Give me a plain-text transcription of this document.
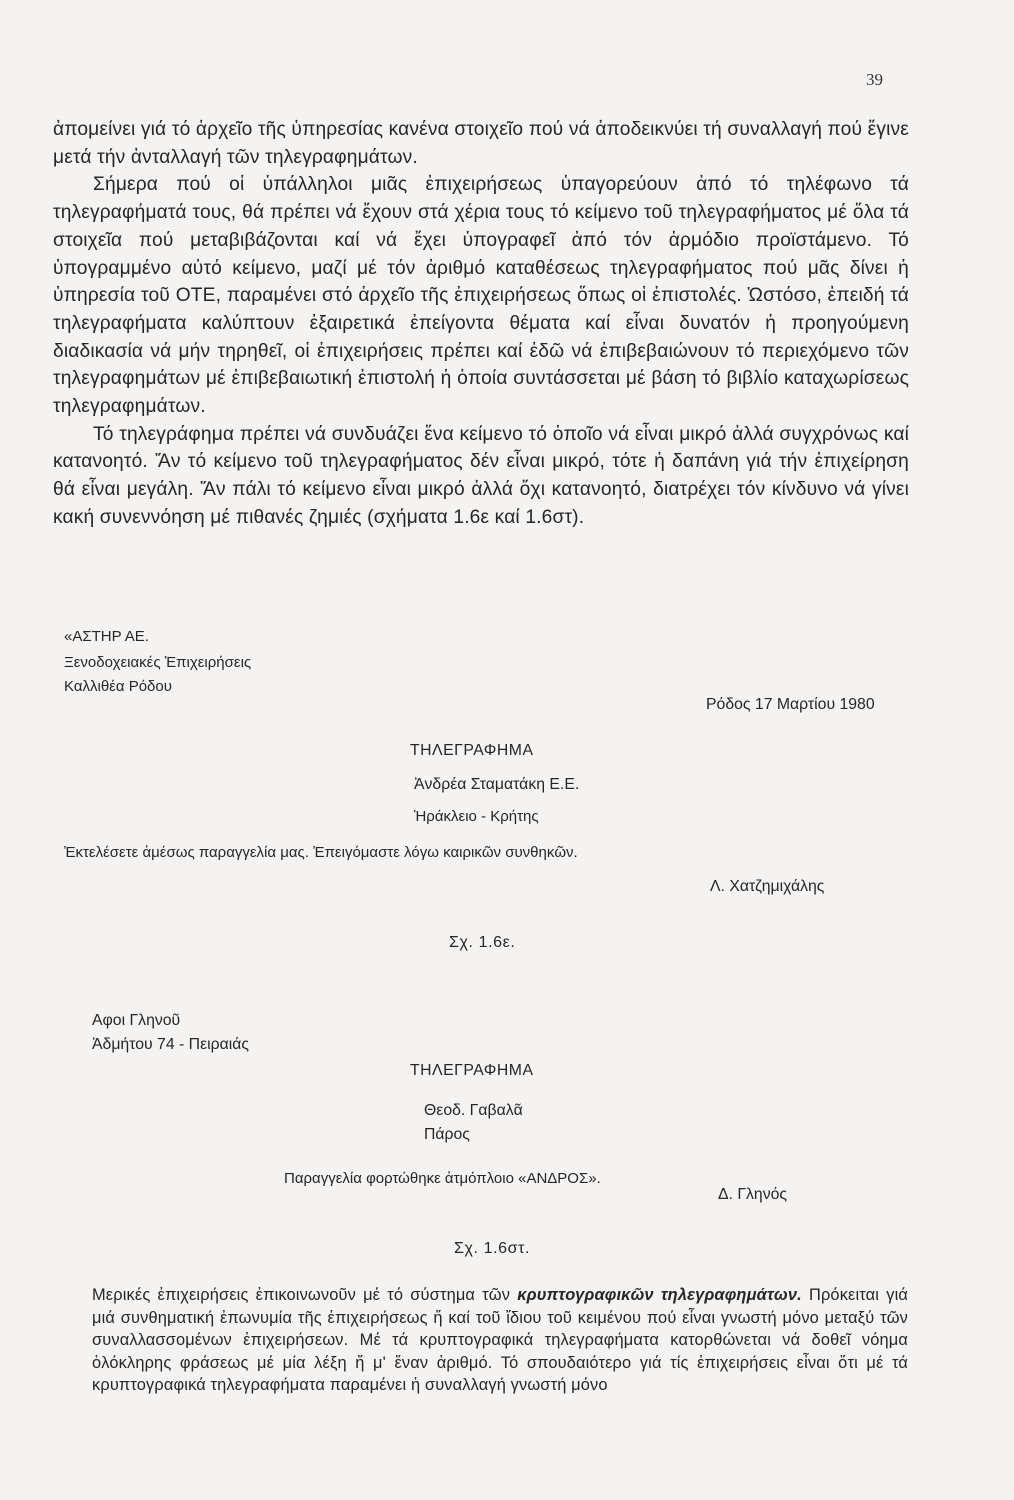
39

ἀπομείνει γιά τό ἀρχεῖο τῆς ὑπηρεσίας κανένα στοιχεῖο πού νά ἀποδεικνύει τή συναλλαγή πού ἔγινε μετά τήν ἀνταλλαγή τῶν τηλεγραφημάτων.

Σήμερα πού οἱ ὑπάλληλοι μιᾶς ἐπιχειρήσεως ὑπαγορεύουν ἀπό τό τηλέφωνο τά τηλεγραφήματά τους, θά πρέπει νά ἔχουν στά χέρια τους τό κείμενο τοῦ τηλεγραφήματος μέ ὅλα τά στοιχεῖα πού μεταβιβάζονται καί νά ἔχει ὑπογραφεῖ ἀπό τόν ἁρμόδιο προϊστάμενο. Τό ὑπογραμμένο αὐτό κείμενο, μαζί μέ τόν ἀριθμό καταθέσεως τηλεγραφήματος πού μᾶς δίνει ἡ ὑπηρεσία τοῦ ΟΤΕ, παραμένει στό ἀρχεῖο τῆς ἐπιχειρήσεως ὅπως οἱ ἐπιστολές. Ὡστόσο, ἐπειδή τά τηλεγραφήματα καλύπτουν ἐξαιρετικά ἐπείγοντα θέματα καί εἶναι δυνατόν ἡ προηγούμενη διαδικασία νά μήν τηρηθεῖ, οἱ ἐπιχειρήσεις πρέπει καί ἐδῶ νά ἐπιβεβαιώνουν τό περιεχόμενο τῶν τηλεγραφημάτων μέ ἐπιβεβαιωτική ἐπιστολή ἡ ὁποία συντάσσεται μέ βάση τό βιβλίο καταχωρίσεως τηλεγραφημάτων.

Τό τηλεγράφημα πρέπει νά συνδυάζει ἕνα κείμενο τό ὁποῖο νά εἶναι μικρό ἀλλά συγχρόνως καί κατανοητό. Ἄν τό κείμενο τοῦ τηλεγραφήματος δέν εἶναι μικρό, τότε ἡ δαπάνη γιά τήν ἐπιχείρηση θά εἶναι μεγάλη. Ἄν πάλι τό κείμενο εἶναι μικρό ἀλλά ὄχι κατανοητό, διατρέχει τόν κίνδυνο νά γίνει κακή συνεννόηση μέ πιθανές ζημιές (σχήματα 1.6ε καί 1.6στ).

«ΑΣΤΗΡ ΑΕ.
Ξενοδοχειακές Ἐπιχειρήσεις
Καλλιθέα Ρόδου
Ρόδος 17 Μαρτίου 1980
ΤΗΛΕΓΡΑΦΗΜΑ
Ἀνδρέα Σταματάκη Ε.Ε.
Ἡράκλειο - Κρήτης
Ἐκτελέσετε ἀμέσως παραγγελία μας. Ἐπειγόμαστε λόγω καιρικῶν συνθηκῶν.
Λ. Χατζημιχάλης
Σχ. 1.6ε.
Αφοι Γληνοῦ
Ἀδμήτου 74 - Πειραιάς
ΤΗΛΕΓΡΑΦΗΜΑ
Θεοδ. Γαβαλᾶ
Πάρος
Παραγγελία φορτώθηκε ἀτμόπλοιο «ΑΝΔΡΟΣ».
Δ. Γληνός
Σχ. 1.6στ.

Μερικές ἐπιχειρήσεις ἐπικοινωνοῦν μέ τό σύστημα τῶν κρυπτογραφικῶν τηλεγραφημάτων. Πρόκειται γιά μιά συνθηματική ἐπωνυμία τῆς ἐπιχειρήσεως ἤ καί τοῦ ἴδιου τοῦ κειμένου πού εἶναι γνωστή μόνο μεταξύ τῶν συναλλασσομένων ἐπιχειρήσεων. Μέ τά κρυπτογραφικά τηλεγραφήματα κατορθώνεται νά δοθεῖ νόημα ὁλόκληρης φράσεως μέ μία λέξη ἤ μ' ἕναν ἀριθμό. Τό σπουδαιότερο γιά τίς ἐπιχειρήσεις εἶναι ὅτι μέ τά κρυπτογραφικά τηλεγραφήματα παραμένει ἡ συναλλαγή γνωστή μόνο
